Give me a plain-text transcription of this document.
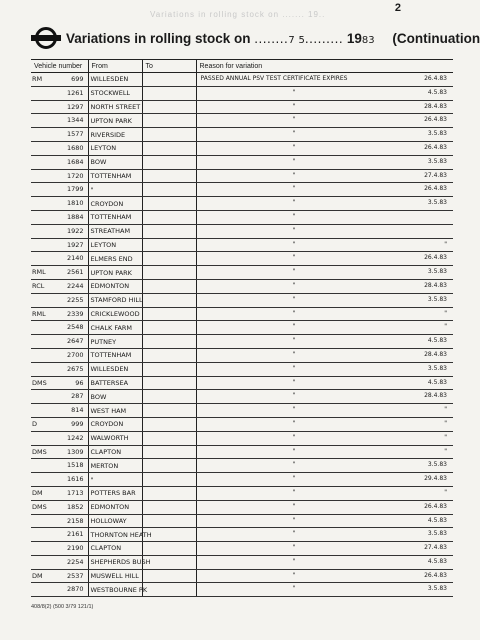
2
Variations in rolling stock on ....... 19..
Variations in rolling stock on ........7 5......... 1983 (Continuation
Vehicle number	From	To	Reason for variation

RM 699	WILLESDEN		PASSED ANNUAL PSV TEST CERTIFICATE EXPIRES 26.4.83

1261	STOCKWELL		" 4.5.83

1297	NORTH STREET		" 28.4.83

1344	UPTON PARK		" 26.4.83

1577	RIVERSIDE		" 3.5.83

1680	LEYTON		" 26.4.83

1684	BOW		" 3.5.83

1720	TOTTENHAM		" 27.4.83

1799	"		" 26.4.83

1810	CROYDON		" 3.5.83

1884	TOTTENHAM		"

1922	STREATHAM		"

1927	LEYTON		" "

2140	ELMERS END		" 26.4.83

RML 2561	UPTON PARK		" 3.5.83

RCL 2244	EDMONTON		" 28.4.83

2255	STAMFORD HILL		" 3.5.83

RML 2339	CRICKLEWOOD		" "

2548	CHALK FARM		" "

2647	PUTNEY		" 4.5.83

2700	TOTTENHAM		" 28.4.83

2675	WILLESDEN		" 3.5.83

DMS 96	BATTERSEA		" 4.5.83

287	BOW		" 28.4.83

814	WEST HAM		" "

D 999	CROYDON		" "

1242	WALWORTH		" "

DMS 1309	CLAPTON		" "

1518	MERTON		" 3.5.83

1616	"		" 29.4.83

DM 1713	POTTERS BAR		" "

DMS 1852	EDMONTON		" 26.4.83

2158	HOLLOWAY		" 4.5.83

2161	THORNTON HEATH		" 3.5.83

2190	CLAPTON		" 27.4.83

2254	SHEPHERDS BUSH		" 4.5.83

DM 2537	MUSWELL HILL		" 26.4.83

2870	WESTBOURNE PK		" 3.5.83
408/8(2) (500 3/79 121/1)
